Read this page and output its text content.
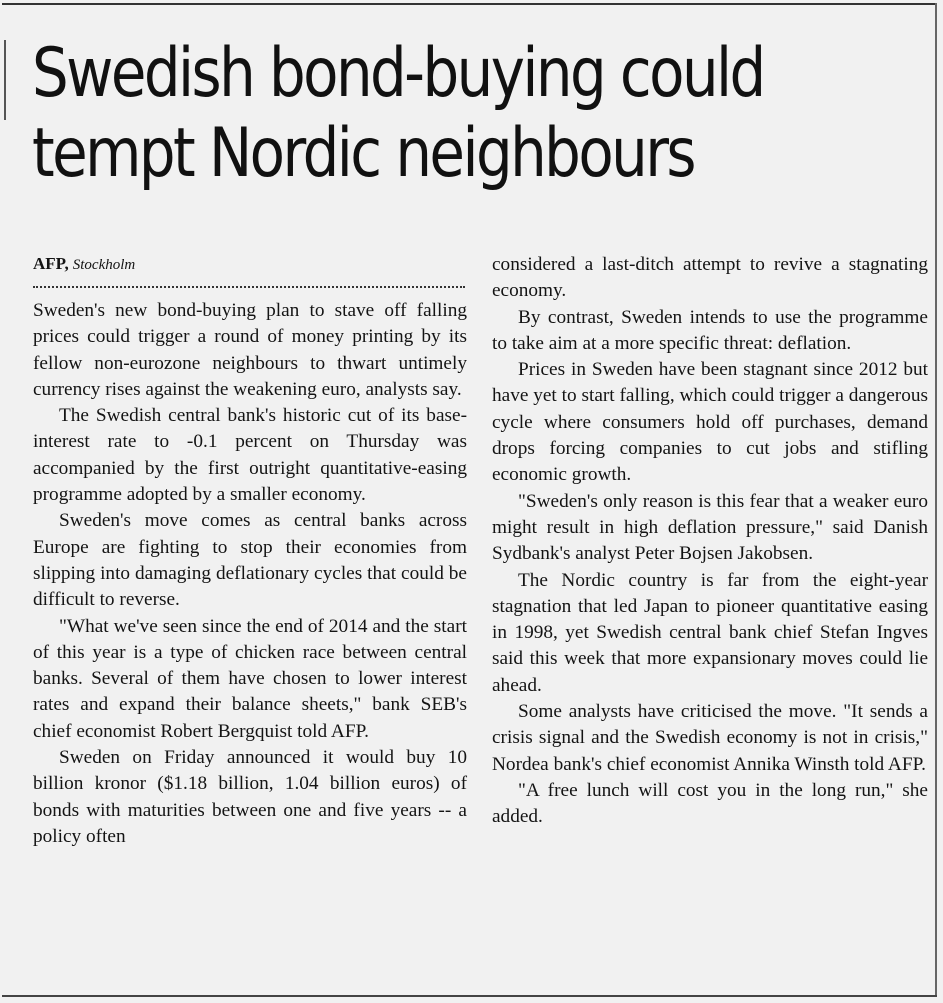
Swedish bond-buying could tempt Nordic neighbours
AFP, Stockholm

Sweden's new bond-buying plan to stave off falling prices could trigger a round of money printing by its fellow non-eurozone neighbours to thwart untimely currency rises against the weakening euro, analysts say.

The Swedish central bank's historic cut of its base-interest rate to -0.1 percent on Thursday was accompanied by the first outright quantitative-easing programme adopted by a smaller economy.

Sweden's move comes as central banks across Europe are fighting to stop their economies from slipping into damaging deflationary cycles that could be difficult to reverse.

"What we've seen since the end of 2014 and the start of this year is a type of chicken race between central banks. Several of them have chosen to lower interest rates and expand their balance sheets," bank SEB's chief economist Robert Bergquist told AFP.

Sweden on Friday announced it would buy 10 billion kronor ($1.18 billion, 1.04 billion euros) of bonds with maturities between one and five years -- a policy often

considered a last-ditch attempt to revive a stagnating economy.

By contrast, Sweden intends to use the programme to take aim at a more specific threat: deflation.

Prices in Sweden have been stagnant since 2012 but have yet to start falling, which could trigger a dangerous cycle where consumers hold off purchases, demand drops forcing companies to cut jobs and stifling economic growth.

"Sweden's only reason is this fear that a weaker euro might result in high deflation pressure," said Danish Sydbank's analyst Peter Bojsen Jakobsen.

The Nordic country is far from the eight-year stagnation that led Japan to pioneer quantitative easing in 1998, yet Swedish central bank chief Stefan Ingves said this week that more expansionary moves could lie ahead.

Some analysts have criticised the move. "It sends a crisis signal and the Swedish economy is not in crisis," Nordea bank's chief economist Annika Winsth told AFP.

"A free lunch will cost you in the long run," she added.
